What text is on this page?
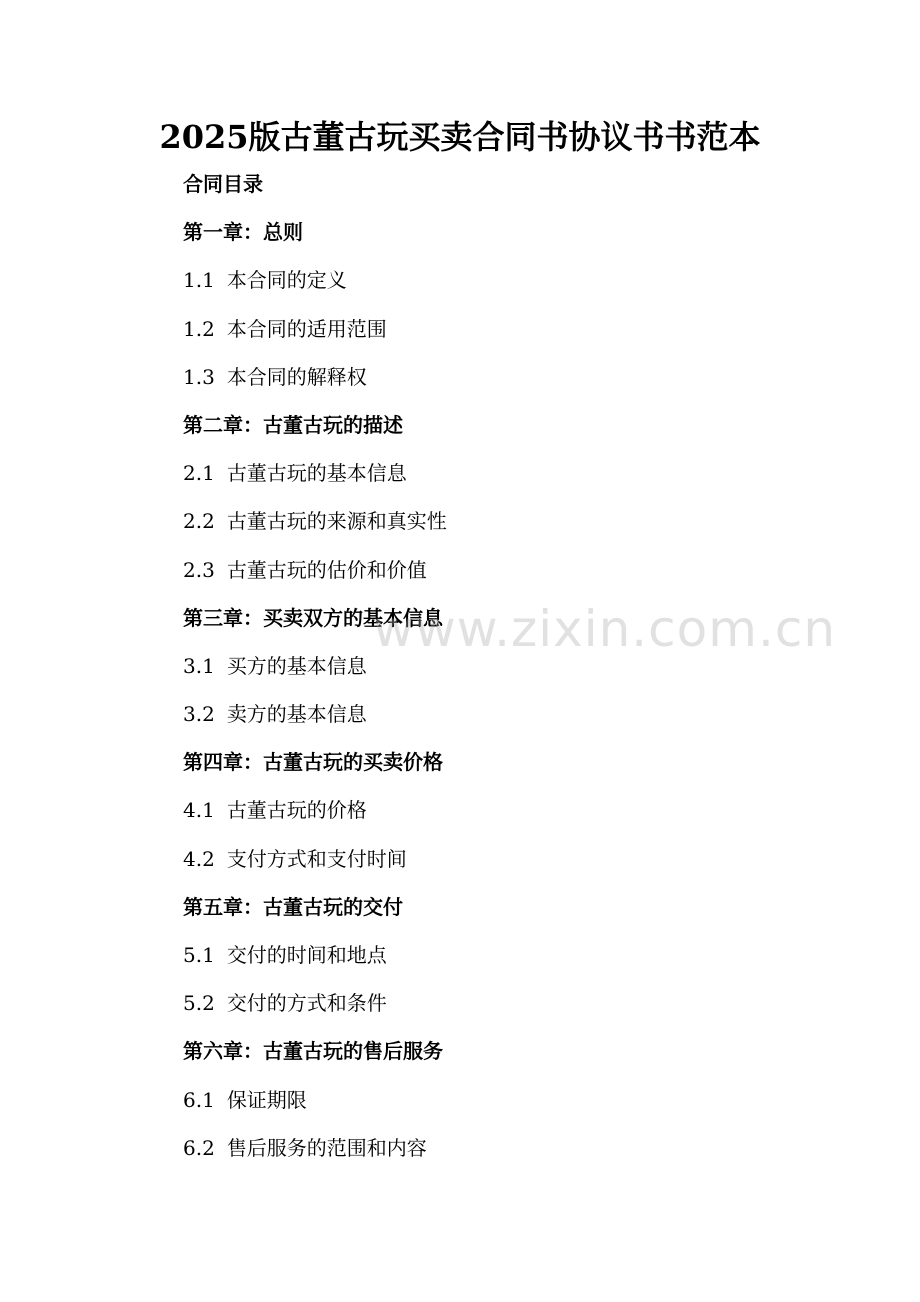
2025版古董古玩买卖合同书协议书书范本
合同目录
第一章：总则
1.1 本合同的定义
1.2 本合同的适用范围
1.3 本合同的解释权
第二章：古董古玩的描述
2.1 古董古玩的基本信息
2.2 古董古玩的来源和真实性
2.3 古董古玩的估价和价值
第三章：买卖双方的基本信息
3.1 买方的基本信息
3.2 卖方的基本信息
第四章：古董古玩的买卖价格
4.1 古董古玩的价格
4.2 支付方式和支付时间
第五章：古董古玩的交付
5.1 交付的时间和地点
5.2 交付的方式和条件
第六章：古董古玩的售后服务
6.1 保证期限
6.2 售后服务的范围和内容
www.zixin.com.cn
